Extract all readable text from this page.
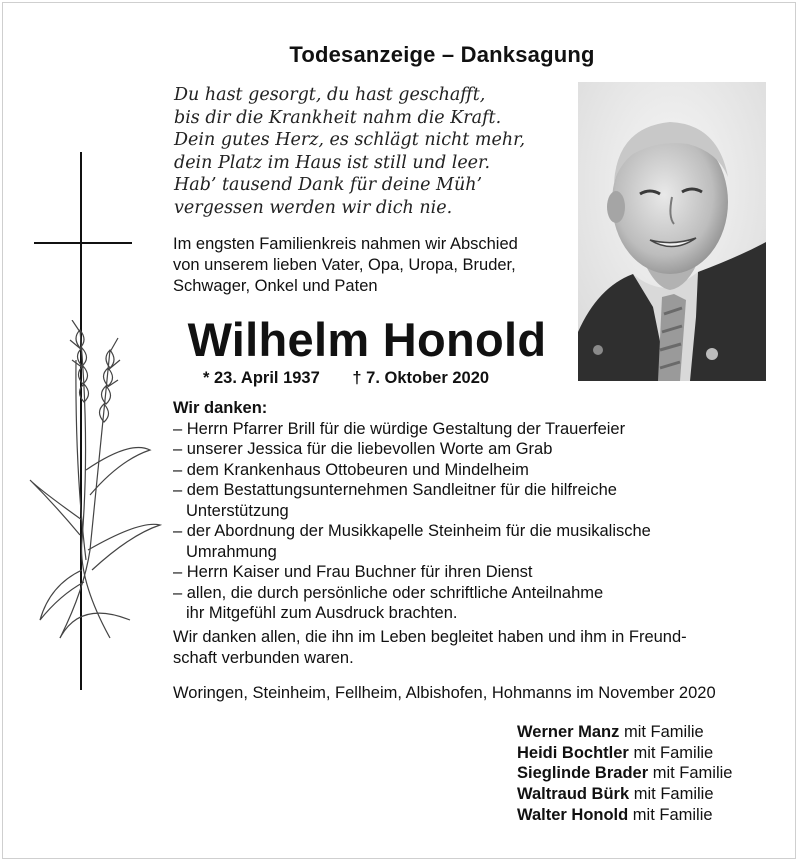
Todesanzeige – Danksagung
Du hast gesorgt, du hast geschafft,
bis dir die Krankheit nahm die Kraft.
Dein gutes Herz, es schlägt nicht mehr,
dein Platz im Haus ist still und leer.
Hab’ tausend Dank für deine Müh’
vergessen werden wir dich nie.
Im engsten Familienkreis nahmen wir Abschied
von unserem lieben Vater, Opa, Uropa, Bruder,
Schwager, Onkel und Paten
Wilhelm Honold
* 23. April 1937 † 7. Oktober 2020
Wir danken:
– Herrn Pfarrer Brill für die würdige Gestaltung der Trauerfeier
– unserer Jessica für die liebevollen Worte am Grab
– dem Krankenhaus Ottobeuren und Mindelheim
– dem Bestattungsunternehmen Sandleitner für die hilfreiche
Unterstützung
– der Abordnung der Musikkapelle Steinheim für die musikalische
Umrahmung
– Herrn Kaiser und Frau Buchner für ihren Dienst
– allen, die durch persönliche oder schriftliche Anteilnahme
ihr Mitgefühl zum Ausdruck brachten.
Wir danken allen, die ihn im Leben begleitet haben und ihm in Freund-
schaft verbunden waren.
Woringen, Steinheim, Fellheim, Albishofen, Hohmanns im November 2020
Werner Manz mit Familie
Heidi Bochtler mit Familie
Sieglinde Brader mit Familie
Waltraud Bürk mit Familie
Walter Honold mit Familie
